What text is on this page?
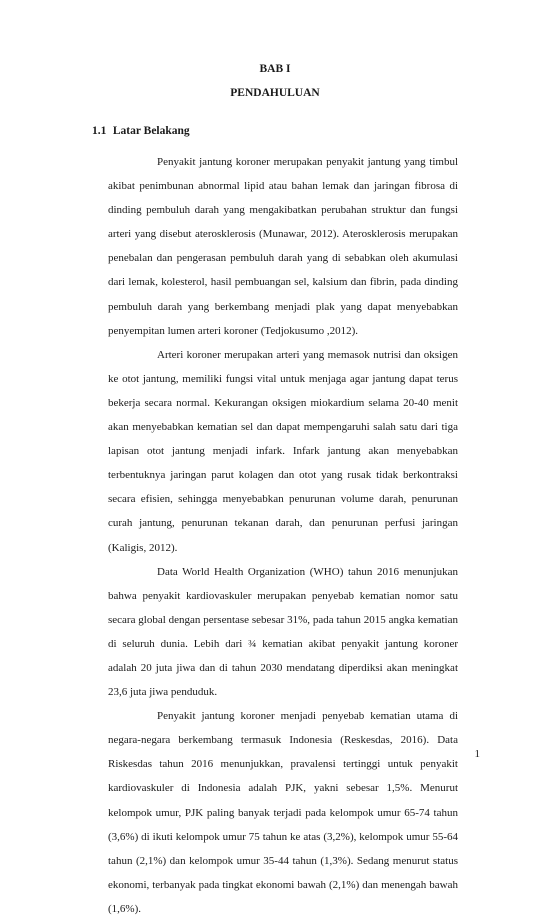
BAB I
PENDAHULUAN
1.1 Latar Belakang

Penyakit jantung koroner merupakan penyakit jantung yang timbul akibat penimbunan abnormal lipid atau bahan lemak dan jaringan fibrosa di dinding pembuluh darah yang mengakibatkan perubahan struktur dan fungsi arteri yang disebut aterosklerosis (Munawar, 2012). Aterosklerosis merupakan penebalan dan pengerasan pembuluh darah yang di sebabkan oleh akumulasi dari lemak, kolesterol, hasil pembuangan sel, kalsium dan fibrin, pada dinding pembuluh darah yang berkembang menjadi plak yang dapat menyebabkan penyempitan lumen arteri koroner (Tedjokusumo ,2012).

Arteri koroner merupakan arteri yang memasok nutrisi dan oksigen ke otot jantung, memiliki fungsi vital untuk menjaga agar jantung dapat terus bekerja secara normal. Kekurangan oksigen miokardium selama 20-40 menit akan menyebabkan kematian sel dan dapat mempengaruhi salah satu dari tiga lapisan otot jantung menjadi infark. Infark jantung akan menyebabkan terbentuknya jaringan parut kolagen dan otot yang rusak tidak berkontraksi secara efisien, sehingga menyebabkan penurunan volume darah, penurunan curah jantung, penurunan tekanan darah, dan penurunan perfusi jaringan (Kaligis, 2012).

Data World Health Organization (WHO) tahun 2016 menunjukan bahwa penyakit kardiovaskuler merupakan penyebab kematian nomor satu secara global dengan persentase sebesar 31%, pada tahun 2015 angka kematian di seluruh dunia. Lebih dari ¾ kematian akibat penyakit jantung koroner adalah 20 juta jiwa dan di tahun 2030 mendatang diperdiksi akan meningkat 23,6 juta jiwa penduduk.

Penyakit jantung koroner menjadi penyebab kematian utama di negara-negara berkembang termasuk Indonesia (Reskesdas, 2016). Data Riskesdas tahun 2016 menunjukkan, pravalensi tertinggi untuk penyakit kardiovaskuler di Indonesia adalah PJK, yakni sebesar 1,5%. Menurut kelompok umur, PJK paling banyak terjadi pada kelompok umur 65-74 tahun (3,6%) di ikuti kelompok umur 75 tahun ke atas (3,2%), kelompok umur 55-64 tahun (2,1%) dan kelompok umur 35-44 tahun (1,3%). Sedang menurut status ekonomi, terbanyak pada tingkat ekonomi bawah (2,1%) dan menengah bawah (1,6%).

1
